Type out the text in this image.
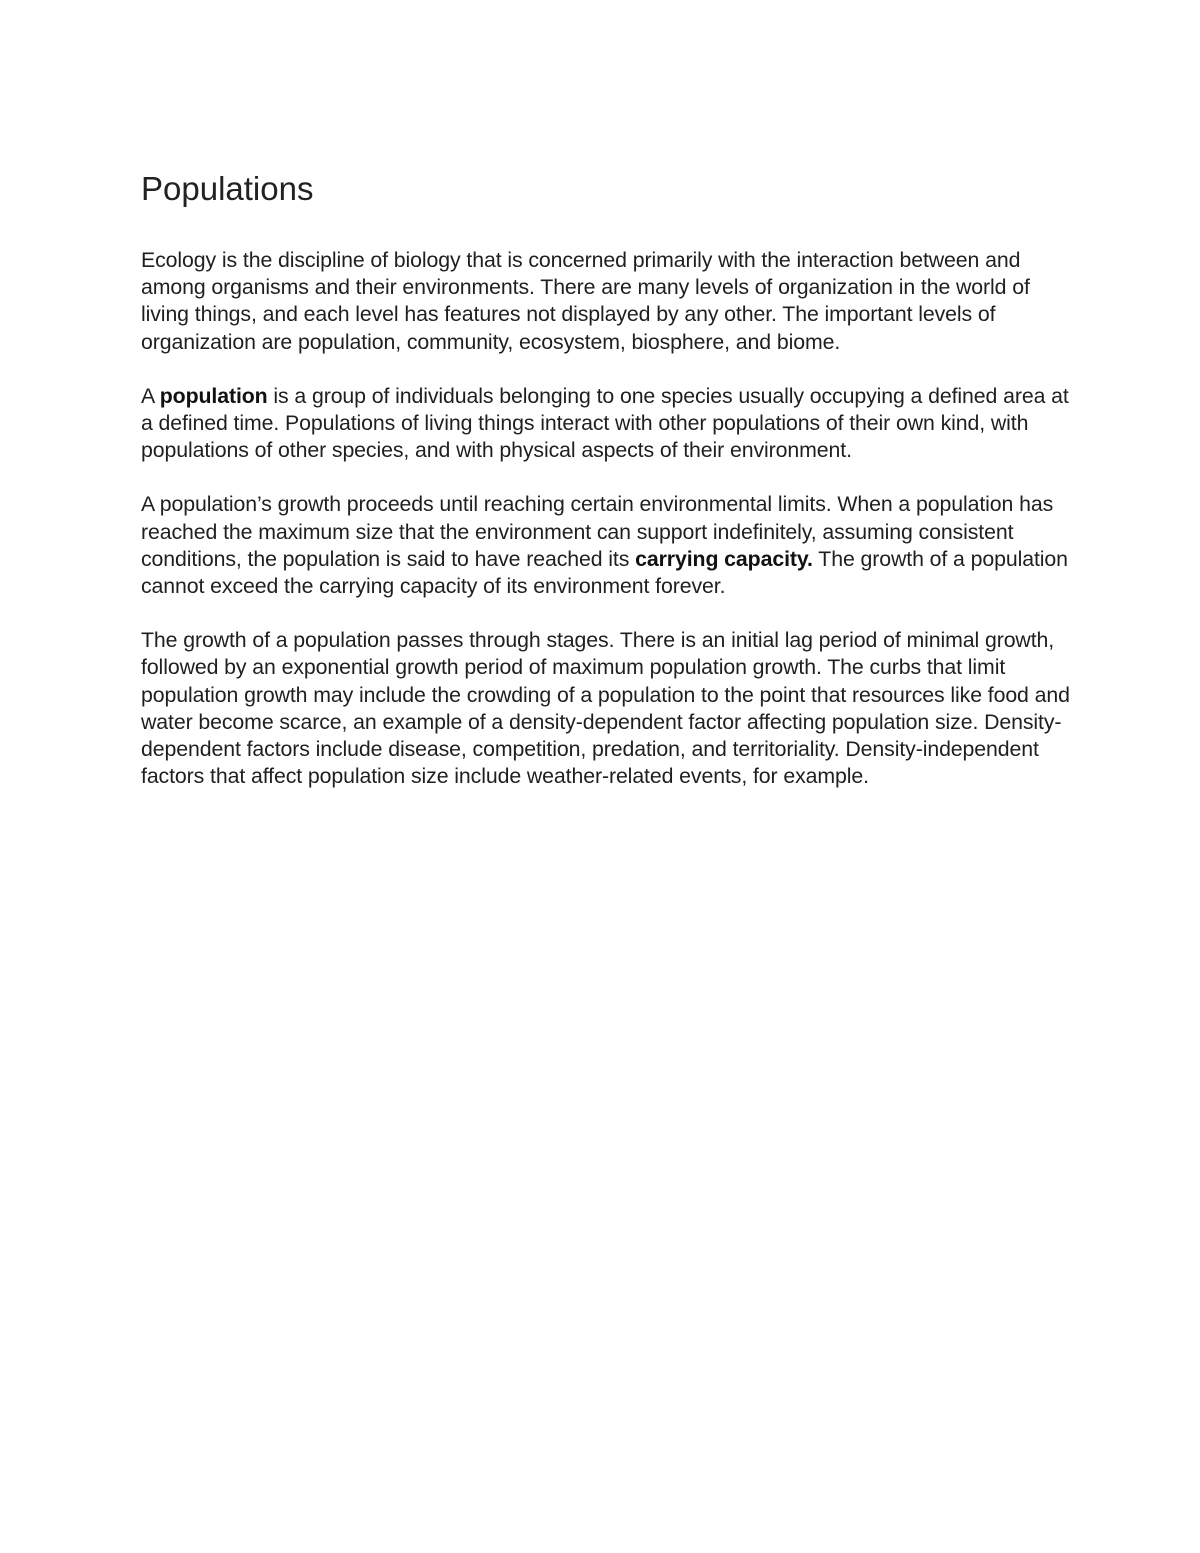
Populations

Ecology is the discipline of biology that is concerned primarily with the interaction between and among organisms and their environments. There are many levels of organization in the world of living things, and each level has features not displayed by any other. The important levels of organization are population, community, ecosystem, biosphere, and biome.

A population is a group of individuals belonging to one species usually occupying a defined area at a defined time. Populations of living things interact with other populations of their own kind, with populations of other species, and with physical aspects of their environment.

A population’s growth proceeds until reaching certain environmental limits. When a population has reached the maximum size that the environment can support indefinitely, assuming consistent conditions, the population is said to have reached its carrying capacity. The growth of a population cannot exceed the carrying capacity of its environment forever.

The growth of a population passes through stages. There is an initial lag period of minimal growth, followed by an exponential growth period of maximum population growth. The curbs that limit population growth may include the crowding of a population to the point that resources like food and water become scarce, an example of a density-dependent factor affecting population size. Density-dependent factors include disease, competition, predation, and territoriality. Density-independent factors that affect population size include weather-related events, for example.
